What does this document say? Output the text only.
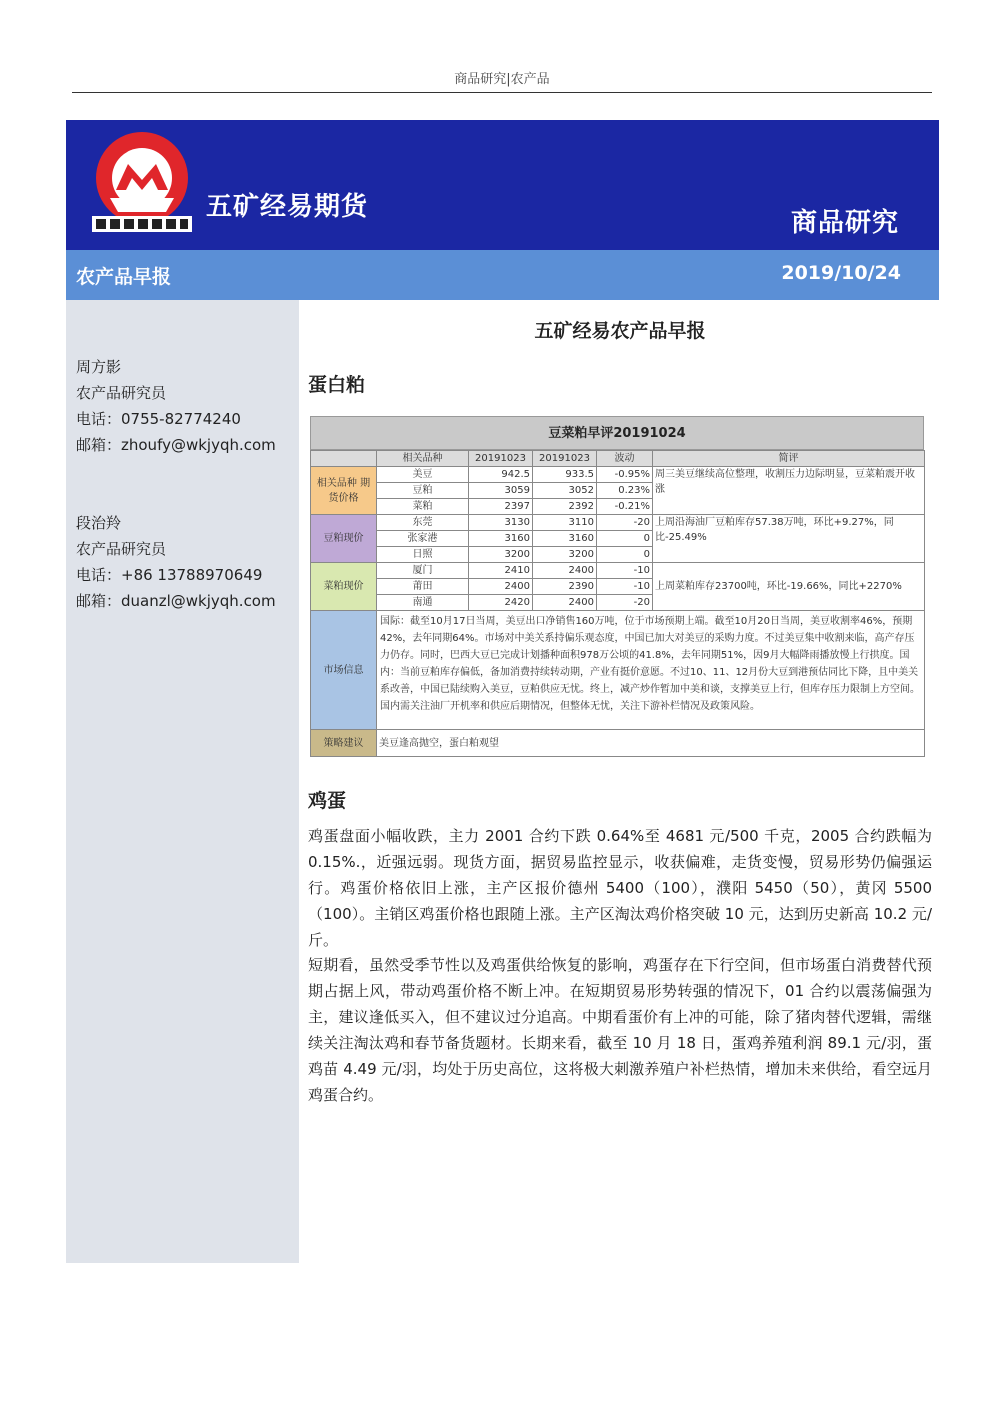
商品研究|农产品
五矿经易期货
商品研究
农产品早报	2019/10/24
周方影
农产品研究员
电话：0755-82774240
邮箱：zhoufy@wkjyqh.com
段治羚
农产品研究员
电话：+86 13788970649
邮箱：duanzl@wkjyqh.com
五矿经易农产品早报
蛋白粕
豆菜粕早评20191024
	相关品种	20191023	20191023	波动	简评
相关品种 期货价格	美豆	942.5	933.5	-0.95%	周三美豆继续高位整理，收割压力边际明显，豆菜粕震开收涨
	豆粕	3059	3052	0.23%	
	菜粕	2397	2392	-0.21%	
豆粕现价	东莞	3130	3110	-20	上周沿海油厂豆粕库存57.38万吨，环比+9.27%，同比-25.49%
	张家港	3160	3160	0	
	日照	3200	3200	0	
菜粕现价	厦门	2410	2400	-10	上周菜粕库存23700吨，环比-19.66%，同比+2270%
	莆田	2400	2390	-10	
	南通	2420	2400	-20	
市场信息	国际：截至10月17日当周，美豆出口净销售160万吨，位于市场预期上端。截至10月20日当周，美豆收割率46%，预期42%，去年同期64%。市场对中美关系持偏乐观态度，中国已加大对美豆的采购力度。不过美豆集中收割来临，高产存压力仍存。同时，巴西大豆已完成计划播种面积978万公顷的41.8%，去年同期51%，因9月大幅降雨播放慢上行拱度。国内：当前豆粕库存偏低，备加消费持续转动期，产业有挺价意愿。不过10、11、12月份大豆到港预估同比下降，且中美关系改善，中国已陆续购入美豆，豆粕供应无忧。终上，减产炒作暂加中美和谈，支撑美豆上行，但库存压力限制上方空间。国内需关注油厂开机率和供应后期情况，但整体无忧，关注下游补栏情况及政策风险。				
策略建议	美豆逢高抛空，蛋白粕观望				
鸡蛋
鸡蛋盘面小幅收跌，主力 2001 合约下跌 0.64%至 4681 元/500 千克，2005 合约跌幅为 0.15%.，近强远弱。现货方面，据贸易监控显示，收获偏难，走货变慢，贸易形势仍偏强运行。鸡蛋价格依旧上涨，主产区报价德州 5400（100），濮阳 5450（50），黄冈 5500（100）。主销区鸡蛋价格也跟随上涨。主产区淘汰鸡价格突破 10 元，达到历史新高 10.2 元/斤。
短期看，虽然受季节性以及鸡蛋供给恢复的影响，鸡蛋存在下行空间，但市场蛋白消费替代预期占据上风，带动鸡蛋价格不断上冲。在短期贸易形势转强的情况下，01 合约以震荡偏强为主，建议逢低买入，但不建议过分追高。中期看蛋价有上冲的可能，除了猪肉替代逻辑，需继续关注淘汰鸡和春节备货题材。长期来看，截至 10 月 18 日，蛋鸡养殖利润 89.1 元/羽，蛋鸡苗 4.49 元/羽，均处于历史高位，这将极大刺激养殖户补栏热情，增加未来供给，看空远月鸡蛋合约。
